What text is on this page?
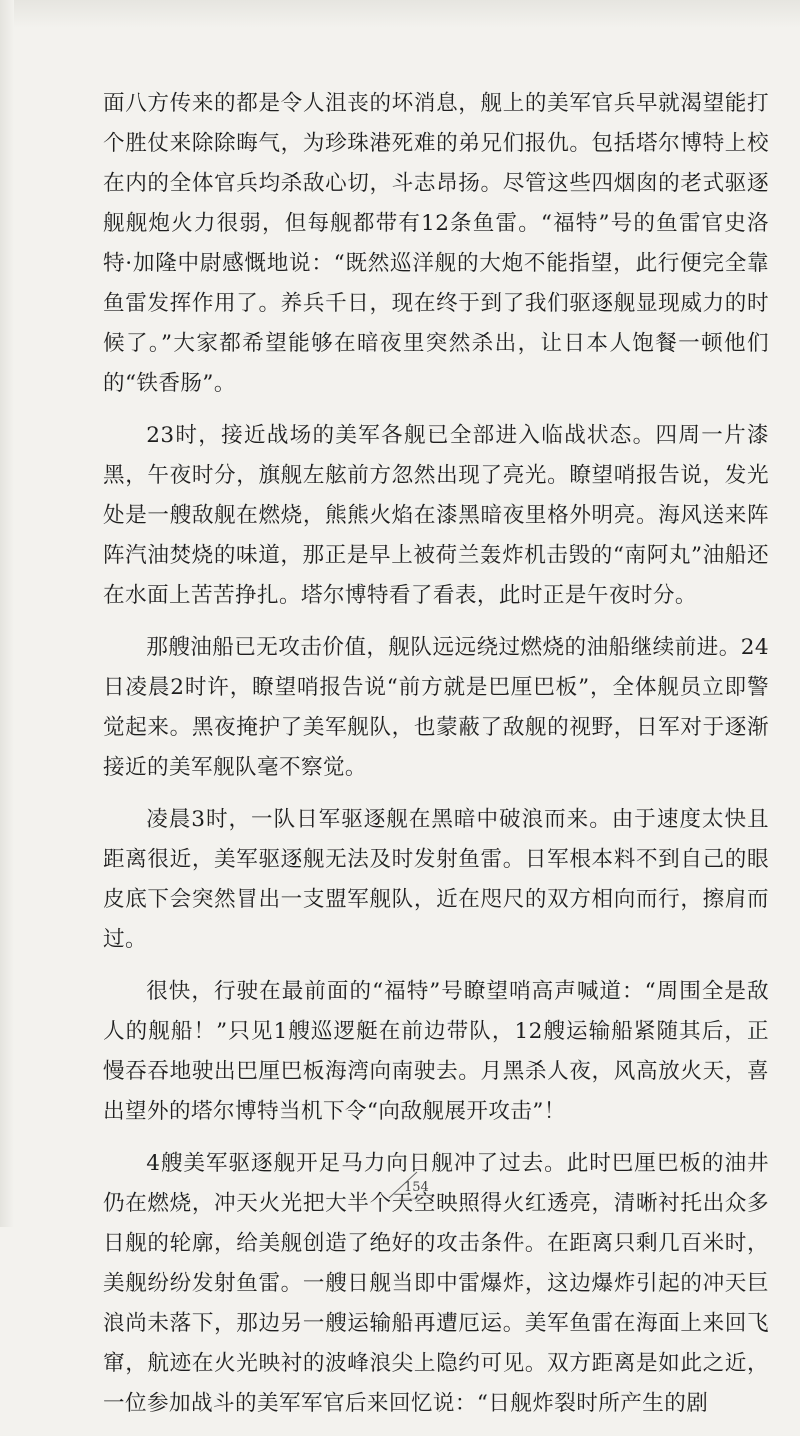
面八方传来的都是令人沮丧的坏消息，舰上的美军官兵早就渴望能打个胜仗来除除晦气，为珍珠港死难的弟兄们报仇。包括塔尔博特上校在内的全体官兵均杀敌心切，斗志昂扬。尽管这些四烟囱的老式驱逐舰舰炮火力很弱，但每舰都带有12条鱼雷。“福特”号的鱼雷官史洛特·加隆中尉感慨地说：“既然巡洋舰的大炮不能指望，此行便完全靠鱼雷发挥作用了。养兵千日，现在终于到了我们驱逐舰显现威力的时候了。”大家都希望能够在暗夜里突然杀出，让日本人饱餐一顿他们的“铁香肠”。

23时，接近战场的美军各舰已全部进入临战状态。四周一片漆黑，午夜时分，旗舰左舷前方忽然出现了亮光。瞭望哨报告说，发光处是一艘敌舰在燃烧，熊熊火焰在漆黑暗夜里格外明亮。海风送来阵阵汽油焚烧的味道，那正是早上被荷兰轰炸机击毁的“南阿丸”油船还在水面上苦苦挣扎。塔尔博特看了看表，此时正是午夜时分。

那艘油船已无攻击价值，舰队远远绕过燃烧的油船继续前进。24日凌晨2时许，瞭望哨报告说“前方就是巴厘巴板”，全体舰员立即警觉起来。黑夜掩护了美军舰队，也蒙蔽了敌舰的视野，日军对于逐渐接近的美军舰队毫不察觉。

凌晨3时，一队日军驱逐舰在黑暗中破浪而来。由于速度太快且距离很近，美军驱逐舰无法及时发射鱼雷。日军根本料不到自己的眼皮底下会突然冒出一支盟军舰队，近在咫尺的双方相向而行，擦肩而过。

很快，行驶在最前面的“福特”号瞭望哨高声喊道：“周围全是敌人的舰船！”只见1艘巡逻艇在前边带队，12艘运输船紧随其后，正慢吞吞地驶出巴厘巴板海湾向南驶去。月黑杀人夜，风高放火天，喜出望外的塔尔博特当机下令“向敌舰展开攻击”！

4艘美军驱逐舰开足马力向日舰冲了过去。此时巴厘巴板的油井仍在燃烧，冲天火光把大半个天空映照得火红透亮，清晰衬托出众多日舰的轮廓，给美舰创造了绝好的攻击条件。在距离只剩几百米时，美舰纷纷发射鱼雷。一艘日舰当即中雷爆炸，这边爆炸引起的冲天巨浪尚未落下，那边另一艘运输船再遭厄运。美军鱼雷在海面上来回飞窜，航迹在火光映衬的波峰浪尖上隐约可见。双方距离是如此之近，一位参加战斗的美军军官后来回忆说：“日舰炸裂时所产生的剧

154
